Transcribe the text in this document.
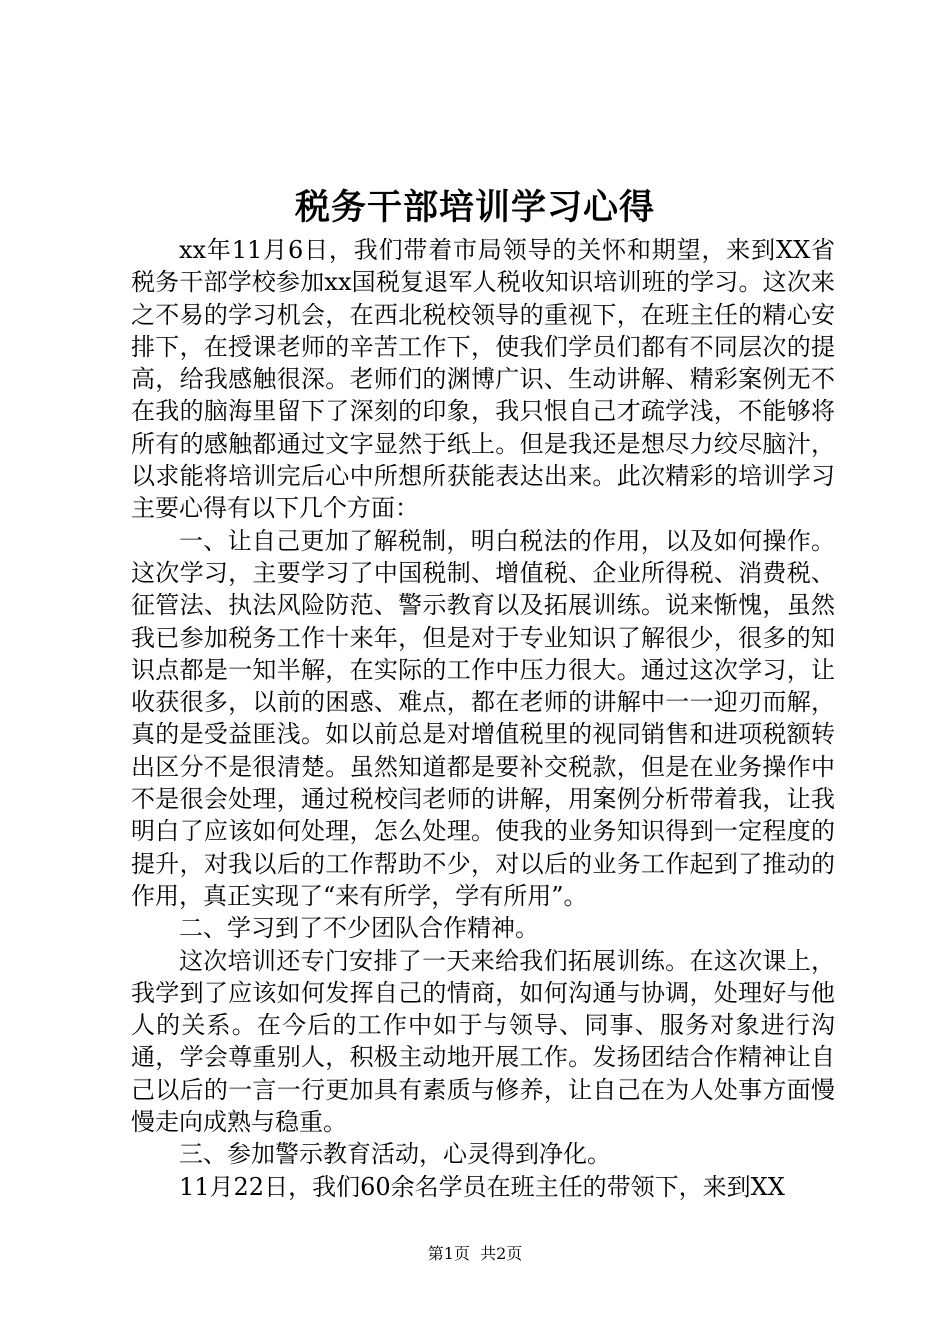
税务干部培训学习心得

xx年11月6日，我们带着市局领导的关怀和期望，来到XX省税务干部学校参加xx国税复退军人税收知识培训班的学习。这次来之不易的学习机会，在西北税校领导的重视下，在班主任的精心安排下，在授课老师的辛苦工作下，使我们学员们都有不同层次的提高，给我感触很深。老师们的渊博广识、生动讲解、精彩案例无不在我的脑海里留下了深刻的印象，我只恨自己才疏学浅，不能够将所有的感触都通过文字显然于纸上。但是我还是想尽力绞尽脑汁，以求能将培训完后心中所想所获能表达出来。此次精彩的培训学习主要心得有以下几个方面：

一、让自己更加了解税制，明白税法的作用，以及如何操作。这次学习，主要学习了中国税制、增值税、企业所得税、消费税、征管法、执法风险防范、警示教育以及拓展训练。说来惭愧，虽然我已参加税务工作十来年，但是对于专业知识了解很少，很多的知识点都是一知半解，在实际的工作中压力很大。通过这次学习，让收获很多，以前的困惑、难点，都在老师的讲解中一一迎刃而解，真的是受益匪浅。如以前总是对增值税里的视同销售和进项税额转出区分不是很清楚。虽然知道都是要补交税款，但是在业务操作中不是很会处理，通过税校闫老师的讲解，用案例分析带着我，让我明白了应该如何处理，怎么处理。使我的业务知识得到一定程度的提升，对我以后的工作帮助不少，对以后的业务工作起到了推动的作用，真正实现了“来有所学，学有所用”。

二、学习到了不少团队合作精神。

这次培训还专门安排了一天来给我们拓展训练。在这次课上，我学到了应该如何发挥自己的情商，如何沟通与协调，处理好与他人的关系。在今后的工作中如于与领导、同事、服务对象进行沟通，学会尊重别人，积极主动地开展工作。发扬团结合作精神让自己以后的一言一行更加具有素质与修养，让自己在为人处事方面慢慢走向成熟与稳重。

三、参加警示教育活动，心灵得到净化。

11月22日，我们60余名学员在班主任的带领下，来到XX

第1页 共2页
